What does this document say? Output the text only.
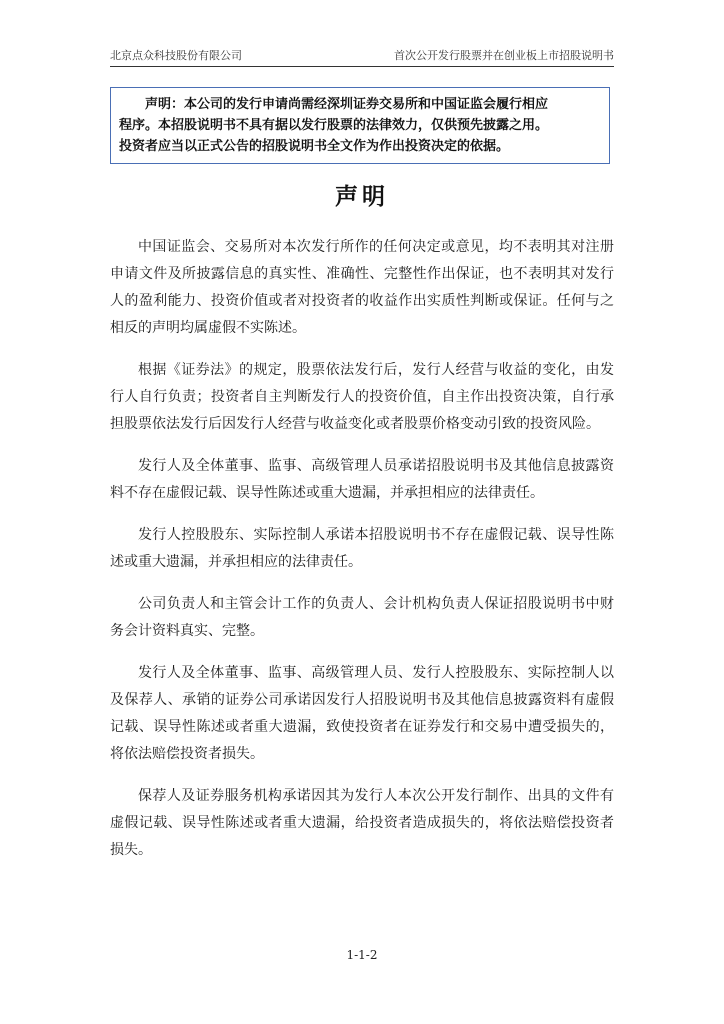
北京点众科技股份有限公司	首次公开发行股票并在创业板上市招股说明书
声明：本公司的发行申请尚需经深圳证券交易所和中国证监会履行相应
程序。本招股说明书不具有据以发行股票的法律效力，仅供预先披露之用。
投资者应当以正式公告的招股说明书全文作为作出投资决定的依据。
声明
中国证监会、交易所对本次发行所作的任何决定或意见，均不表明其对注册
申请文件及所披露信息的真实性、准确性、完整性作出保证，也不表明其对发行
人的盈利能力、投资价值或者对投资者的收益作出实质性判断或保证。任何与之
相反的声明均属虚假不实陈述。
根据《证券法》的规定，股票依法发行后，发行人经营与收益的变化，由发
行人自行负责；投资者自主判断发行人的投资价值，自主作出投资决策，自行承
担股票依法发行后因发行人经营与收益变化或者股票价格变动引致的投资风险。
发行人及全体董事、监事、高级管理人员承诺招股说明书及其他信息披露资
料不存在虚假记载、误导性陈述或重大遗漏，并承担相应的法律责任。
发行人控股股东、实际控制人承诺本招股说明书不存在虚假记载、误导性陈
述或重大遗漏，并承担相应的法律责任。
公司负责人和主管会计工作的负责人、会计机构负责人保证招股说明书中财
务会计资料真实、完整。
发行人及全体董事、监事、高级管理人员、发行人控股股东、实际控制人以
及保荐人、承销的证券公司承诺因发行人招股说明书及其他信息披露资料有虚假
记载、误导性陈述或者重大遗漏，致使投资者在证券发行和交易中遭受损失的，
将依法赔偿投资者损失。
保荐人及证券服务机构承诺因其为发行人本次公开发行制作、出具的文件有
虚假记载、误导性陈述或者重大遗漏，给投资者造成损失的，将依法赔偿投资者
损失。
1-1-2
